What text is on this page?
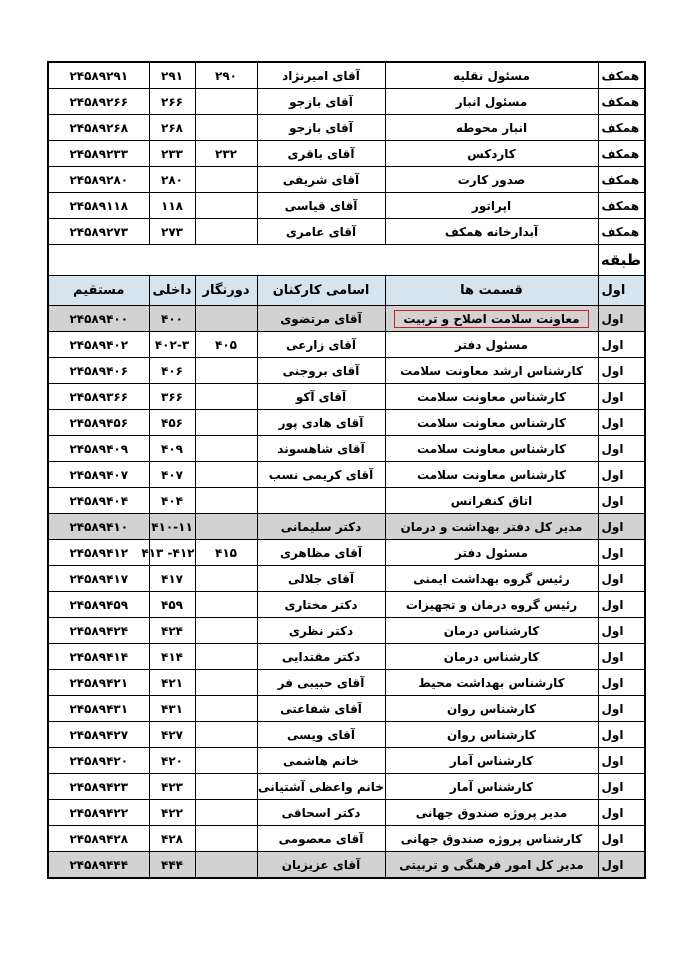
همکف	مسئول نقلیه	آقای امیرنژاد	۲۹۰	۲۹۱	۲۴۵۸۹۲۹۱
همکف	مسئول انبار	آقای بازجو		۲۶۶	۲۴۵۸۹۲۶۶
همکف	انبار محوطه	آقای بازجو		۲۶۸	۲۴۵۸۹۲۶۸
همکف	کاردکس	آقای باقری	۲۳۲	۲۳۳	۲۴۵۸۹۲۳۳
همکف	صدور کارت	آقای شریفی		۲۸۰	۲۴۵۸۹۲۸۰
همکف	اپراتور	آقای قیاسی		۱۱۸	۲۴۵۸۹۱۱۸
همکف	آبدارخانه همکف	آقای عامری		۲۷۳	۲۴۵۸۹۲۷۳
طبقه					
اول	قسمت ها	اسامی کارکنان	دورنگار	داخلی	مستقیم
اول	معاونت سلامت اصلاح و تربیت	آقای مرتضوی		۴۰۰	۲۴۵۸۹۴۰۰
اول	مسئول دفتر	آقای زارعی	۴۰۵	۴۰۲-۳	۲۴۵۸۹۴۰۲
اول	کارشناس ارشد معاونت سلامت	آقای بروجنی		۴۰۶	۲۴۵۸۹۴۰۶
اول	کارشناس معاونت سلامت	آقای آکو		۳۶۶	۲۴۵۸۹۳۶۶
اول	کارشناس معاونت سلامت	آقای هادی پور		۴۵۶	۲۴۵۸۹۴۵۶
اول	کارشناس معاونت سلامت	آقای شاهسوند		۴۰۹	۲۴۵۸۹۴۰۹
اول	کارشناس معاونت سلامت	آقای کریمی نسب		۴۰۷	۲۴۵۸۹۴۰۷
اول	اتاق کنفرانس			۴۰۴	۲۴۵۸۹۴۰۴
اول	مدیر کل دفتر بهداشت و درمان	دکتر سلیمانی		۴۱۰-۱۱	۲۴۵۸۹۴۱۰
اول	مسئول دفتر	آقای مظاهری	۴۱۵	۴۱۲- ۴۱۳	۲۴۵۸۹۴۱۲
اول	رئیس گروه بهداشت ایمنی	آقای جلالی		۴۱۷	۲۴۵۸۹۴۱۷
اول	رئیس گروه درمان و تجهیزات	دکتر مختاری		۴۵۹	۲۴۵۸۹۴۵۹
اول	کارشناس درمان	دکتر نظری		۴۲۴	۲۴۵۸۹۴۲۴
اول	کارشناس درمان	دکتر مقتدایی		۴۱۴	۲۴۵۸۹۴۱۴
اول	کارشناس بهداشت محیط	آقای حبیبی فر		۴۲۱	۲۴۵۸۹۴۲۱
اول	کارشناس روان	آقای شفاعتی		۴۳۱	۲۴۵۸۹۴۳۱
اول	کارشناس روان	آقای ویسی		۴۲۷	۲۴۵۸۹۴۲۷
اول	کارشناس آمار	خانم هاشمی		۴۲۰	۲۴۵۸۹۴۲۰
اول	کارشناس آمار	خانم واعظی آشتیانی		۴۲۳	۲۴۵۸۹۴۲۳
اول	مدیر پروژه صندوق جهانی	دکتر اسحاقی		۴۲۲	۲۴۵۸۹۴۲۲
اول	کارشناس پروژه صندوق جهانی	آقای معصومی		۴۲۸	۲۴۵۸۹۴۲۸
اول	مدیر کل امور فرهنگی و تربیتی	آقای عزیزیان		۴۴۴	۲۴۵۸۹۴۴۴
